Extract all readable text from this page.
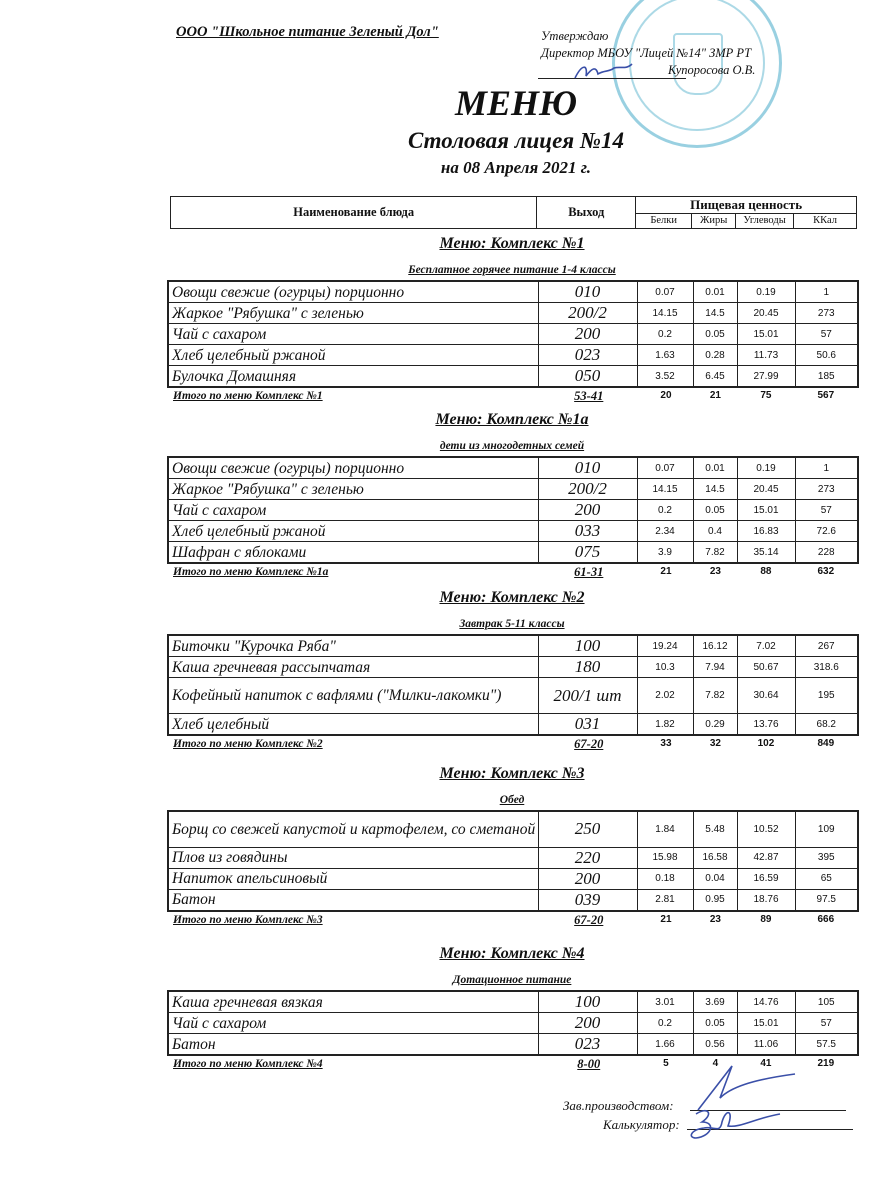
ООО "Школьное питание Зеленый Дол"	Утверждаю
Директор МБОУ "Лицей №14" ЗМР РТ
Купоросова О.В.
МЕНЮ
Столовая лицея №14
на 08 Апреля 2021 г.
Наименование блюда	Выход	Пищевая ценность			
		Белки	Жиры	Углеводы	ККал
Меню: Комплекс №1
Бесплатное горячее питание 1-4 классы
Овощи свежие (огурцы) порционно	010	0.07	0.01	0.19	1
Жаркое "Рябушка" с зеленью	200/2	14.15	14.5	20.45	273
Чай с сахаром	200	0.2	0.05	15.01	57
Хлеб целебный ржаной	023	1.63	0.28	11.73	50.6
Булочка Домашняя	050	3.52	6.45	27.99	185
Итого по меню Комплекс №1	53-41	20	21	75	567
Меню: Комплекс №1а
дети из многодетных семей
Овощи свежие (огурцы) порционно	010	0.07	0.01	0.19	1
Жаркое "Рябушка" с зеленью	200/2	14.15	14.5	20.45	273
Чай с сахаром	200	0.2	0.05	15.01	57
Хлеб целебный ржаной	033	2.34	0.4	16.83	72.6
Шафран с яблоками	075	3.9	7.82	35.14	228
Итого по меню Комплекс №1а	61-31	21	23	88	632
Меню: Комплекс №2
Завтрак 5-11 классы
Биточки "Курочка Ряба"	100	19.24	16.12	7.02	267
Каша гречневая рассыпчатая	180	10.3	7.94	50.67	318.6
Кофейный напиток с вафлями ("Милки-лакомки")	200/1 шт	2.02	7.82	30.64	195
Хлеб целебный	031	1.82	0.29	13.76	68.2
Итого по меню Комплекс №2	67-20	33	32	102	849
Меню: Комплекс №3
Обед
Борщ со свежей капустой и картофелем, со сметаной	250	1.84	5.48	10.52	109
Плов из говядины	220	15.98	16.58	42.87	395
Напиток апельсиновый	200	0.18	0.04	16.59	65
Батон	039	2.81	0.95	18.76	97.5
Итого по меню Комплекс №3	67-20	21	23	89	666
Меню: Комплекс №4
Дотационное питание
Каша гречневая вязкая	100	3.01	3.69	14.76	105
Чай с сахаром	200	0.2	0.05	15.01	57
Батон	023	1.66	0.56	11.06	57.5
Итого по меню Комплекс №4	8-00	5	4	41	219
Зав.производством:
Калькулятор:
